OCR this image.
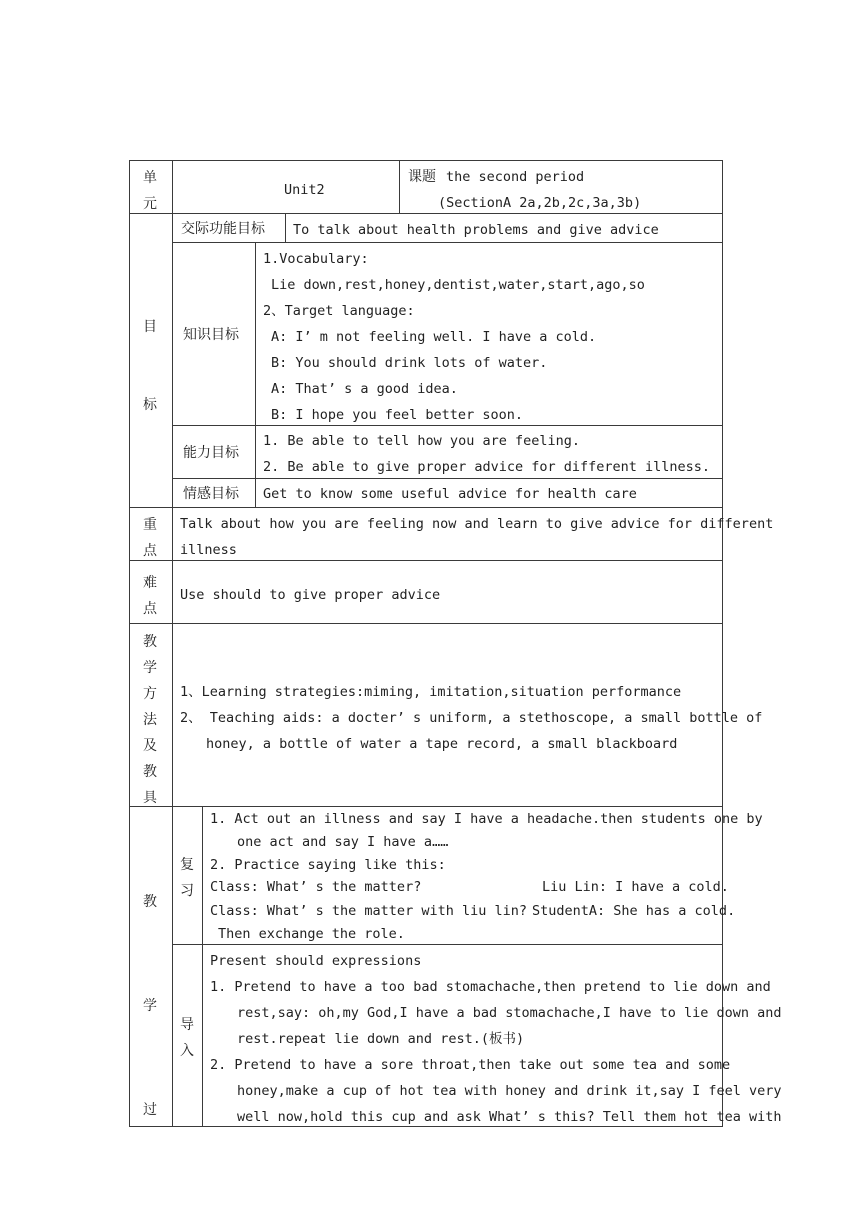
单
元
Unit2
课题 the second period
(SectionA 2a,2b,2c,3a,3b)
目
标
交际功能目标 To talk about health problems and give advice
知识目标
1.Vocabulary:
Lie down,rest,honey,dentist,water,start,ago,so
2、Target language:
A: I’ m not feeling well. I have a cold.
B: You should drink lots of water.
A: That’ s a good idea.
B: I hope you feel better soon.
能力目标
1. Be able to tell how you are feeling.
2. Be able to give proper advice for different illness.
情感目标 Get to know some useful advice for health care
重
点
Talk about how you are feeling now and learn to give advice for different
illness
难
点
Use should to give proper advice
教
学
方
法
及
教
具
1、Learning strategies:miming, imitation,situation performance
2、 Teaching aids: a docter’ s uniform, a stethoscope, a small bottle of
honey, a bottle of water a tape record, a small blackboard
教
学
过
复
习
1. Act out an illness and say I have a headache.then students one by
one act and say I have a……
2. Practice saying like this:
Class: What’ s the matter?	Liu Lin: I have a cold.
Class: What’ s the matter with liu lin? StudentA: She has a cold.
Then exchange the role.
导
入
Present should expressions
1. Pretend to have a too bad stomachache,then pretend to lie down and
rest,say: oh,my God,I have a bad stomachache,I have to lie down and
rest.repeat lie down and rest.(板书)
2. Pretend to have a sore throat,then take out some tea and some
honey,make a cup of hot tea with honey and drink it,say I feel very
well now,hold this cup and ask What’ s this? Tell them hot tea with
